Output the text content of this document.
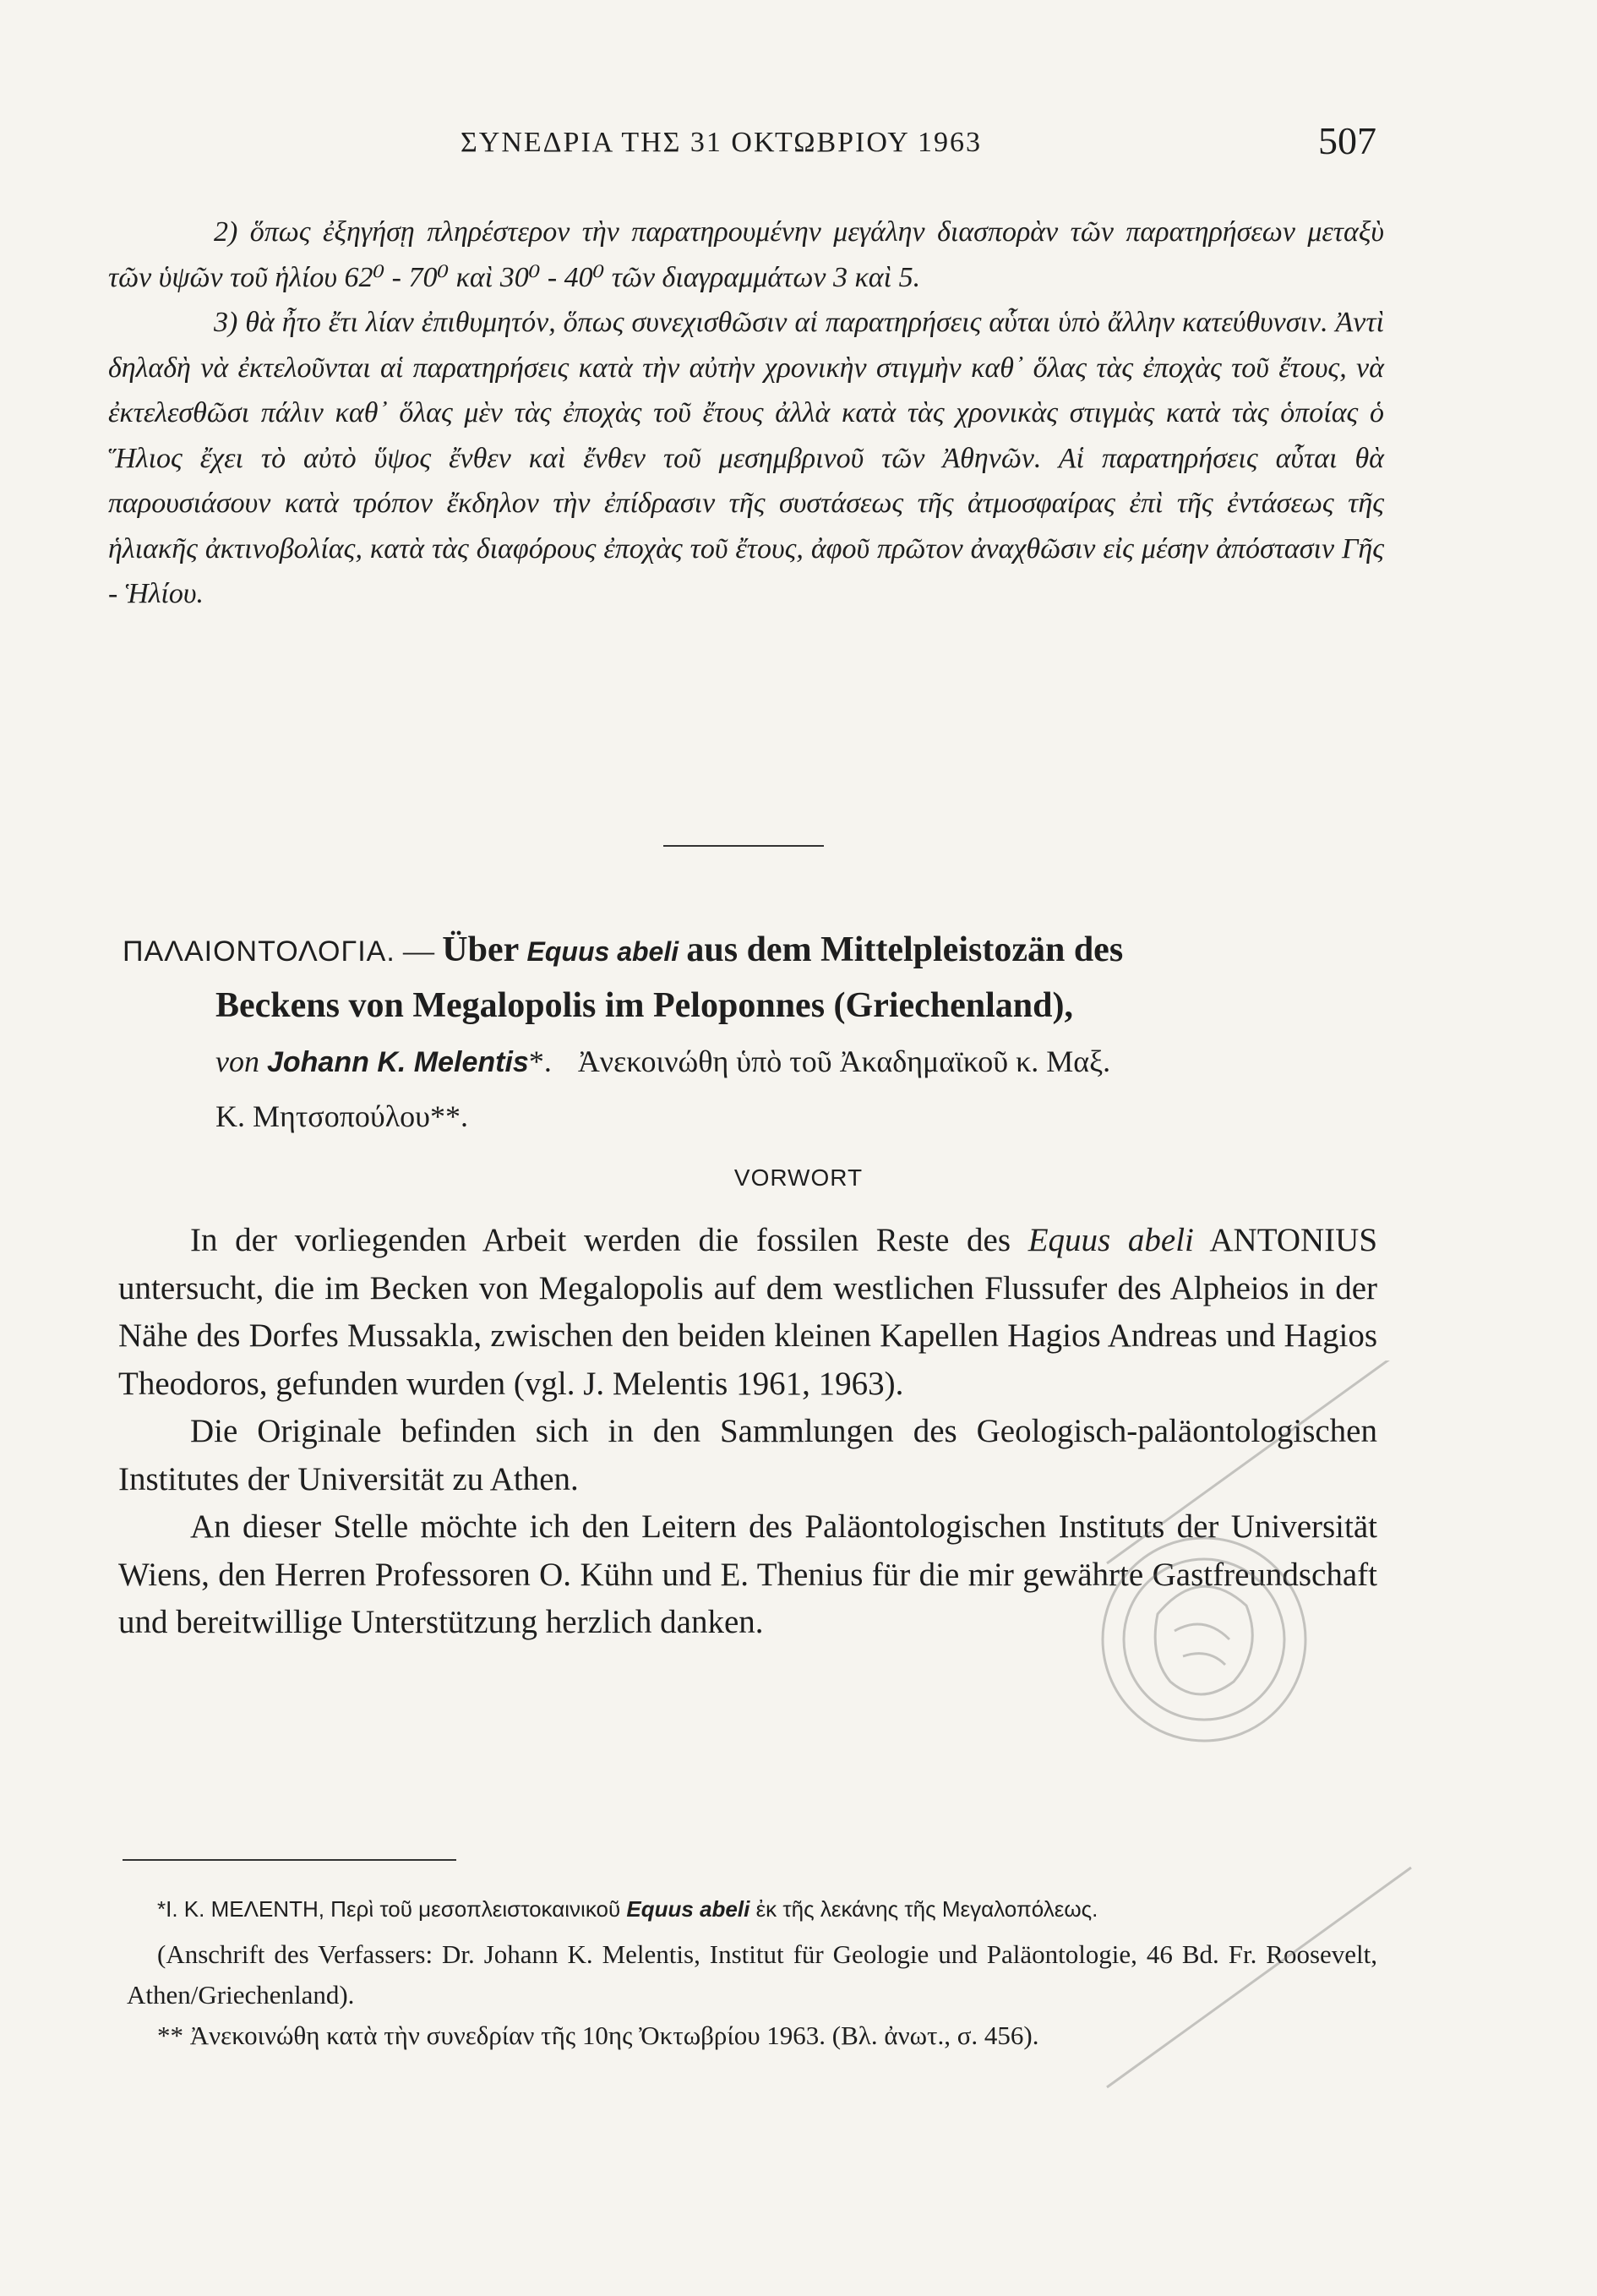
ΣΥΝΕΔΡΙΑ ΤΗΣ 31 ΟΚΤΩΒΡΙΟΥ 1963	507

2) ὅπως ἐξηγήσῃ πληρέστερον τὴν παρατηρουμένην μεγάλην διασπορὰν τῶν παρατηρήσεων μεταξὺ τῶν ὑψῶν τοῦ ἡλίου 62⁰ - 70⁰ καὶ 30⁰ - 40⁰ τῶν διαγραμμάτων 3 καὶ 5.

3) θὰ ἦτο ἔτι λίαν ἐπιθυμητόν, ὅπως συνεχισθῶσιν αἱ παρατηρήσεις αὗται ὑπὸ ἄλλην κατεύθυνσιν. Ἀντὶ δηλαδὴ νὰ ἐκτελοῦνται αἱ παρατηρήσεις κατὰ τὴν αὐτὴν χρονικὴν στιγμὴν καθ᾽ ὅλας τὰς ἐποχὰς τοῦ ἔτους, νὰ ἐκτελεσθῶσι πάλιν καθ᾽ ὅλας μὲν τὰς ἐποχὰς τοῦ ἔτους ἀλλὰ κατὰ τὰς χρονικὰς στιγμὰς κατὰ τὰς ὁποίας ὁ Ἥλιος ἔχει τὸ αὐτὸ ὕψος ἔνθεν καὶ ἔνθεν τοῦ μεσημβρινοῦ τῶν Ἀθηνῶν. Αἱ παρατηρήσεις αὗται θὰ παρουσιάσουν κατὰ τρόπον ἔκδηλον τὴν ἐπίδρασιν τῆς συστάσεως τῆς ἀτμοσφαίρας ἐπὶ τῆς ἐντάσεως τῆς ἡλιακῆς ἀκτινοβολίας, κατὰ τὰς διαφόρους ἐποχὰς τοῦ ἔτους, ἀφοῦ πρῶτον ἀναχθῶσιν εἰς μέσην ἀπόστασιν Γῆς - Ἡλίου.

ΠΑΛΑΙΟΝΤΟΛΟΓΙΑ. — Über Equus abeli aus dem Mittelpleistozän des
Beckens von Megalopolis im Peloponnes (Griechenland),
von Johann K. Melentis*. Ἀνεκοινώθη ὑπὸ τοῦ Ἀκαδημαϊκοῦ κ. Μαξ.
Κ. Μητσοπούλου**.
VORWORT

In der vorliegenden Arbeit werden die fossilen Reste des Equus abeli ANTONIUS untersucht, die im Becken von Megalopolis auf dem westlichen Flussufer des Alpheios in der Nähe des Dorfes Mussakla, zwischen den beiden kleinen Kapellen Hagios Andreas und Hagios Theodoros, gefunden wurden (vgl. J. Melentis 1961, 1963).

Die Originale befinden sich in den Sammlungen des Geologisch-paläontologischen Institutes der Universität zu Athen.

An dieser Stelle möchte ich den Leitern des Paläontologischen Instituts der Universität Wiens, den Herren Professoren O. Kühn und E. Thenius für die mir gewährte Gastfreundschaft und bereitwillige Unterstützung herzlich danken.

*Ι. Κ. ΜΕΛΕΝΤΗ, Περὶ τοῦ μεσοπλειστοκαινικοῦ Equus abeli ἐκ τῆς λεκάνης τῆς Μεγαλοπόλεως.

(Anschrift des Verfassers: Dr. Johann K. Melentis, Institut für Geologie und Paläontologie, 46 Bd. Fr. Roosevelt, Athen/Griechenland).

** Ἀνεκοινώθη κατὰ τὴν συνεδρίαν τῆς 10ης Ὀκτωβρίου 1963. (Βλ. ἀνωτ., σ. 456).
